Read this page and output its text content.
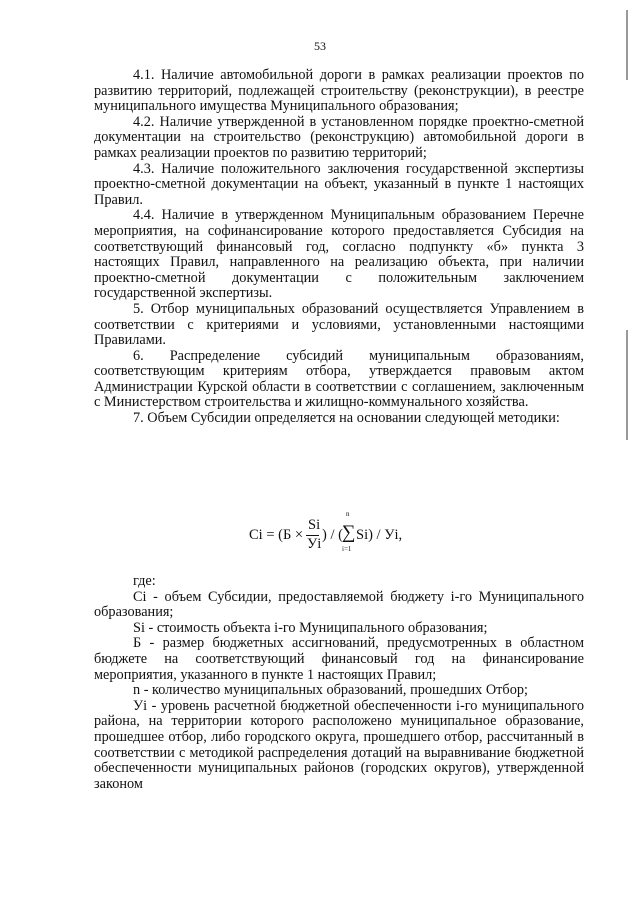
53

4.1. Наличие автомобильной дороги в рамках реализации проектов по развитию территорий, подлежащей строительству (реконструкции), в реестре муниципального имущества Муниципального образования;

4.2. Наличие утвержденной в установленном порядке проектно-сметной документации на строительство (реконструкцию) автомобильной дороги в рамках реализации проектов по развитию территорий;

4.3. Наличие положительного заключения государственной экспертизы проектно-сметной документации на объект, указанный в пункте 1 настоящих Правил.

4.4. Наличие в утвержденном Муниципальным образованием Перечне мероприятия, на софинансирование которого предоставляется Субсидия на соответствующий финансовый год, согласно подпункту «б» пункта 3 настоящих Правил, направленного на реализацию объекта, при наличии проектно-сметной документации с положительным заключением государственной экспертизы.

5. Отбор муниципальных образований осуществляется Управлением в соответствии с критериями и условиями, установленными настоящими Правилами.

6. Распределение субсидий муниципальным образованиям, соответствующим критериям отбора, утверждается правовым актом Администрации Курской области в соответствии с соглашением, заключенным с Министерством строительства и жилищно-коммунального хозяйства.

7. Объем Субсидии определяется на основании следующей методики:

Ci = (Б ×
Si
Уi
) / (
n
∑
i=1
Si) / Уi,

где:

Ci - объем Субсидии, предоставляемой бюджету i-го Муниципального образования;

Si - стоимость объекта i-го Муниципального образования;

Б - размер бюджетных ассигнований, предусмотренных в областном бюджете на соответствующий финансовый год на финансирование мероприятия, указанного в пункте 1 настоящих Правил;

n - количество муниципальных образований, прошедших Отбор;

Уi - уровень расчетной бюджетной обеспеченности i-го муниципального района, на территории которого расположено муниципальное образование, прошедшее отбор, либо городского округа, прошедшего отбор, рассчитанный в соответствии с методикой распределения дотаций на выравнивание бюджетной обеспеченности муниципальных районов (городских округов), утвержденной законом
